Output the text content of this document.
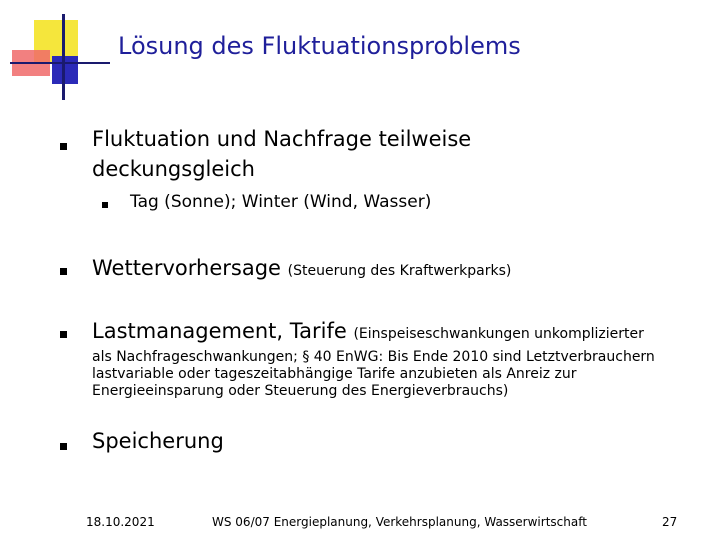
Lösung des Fluktuationsproblems
Fluktuation und Nachfrage teilweise deckungsgleich
Tag (Sonne); Winter (Wind, Wasser)
Wettervorhersage (Steuerung des Kraftwerkparks)
Lastmanagement, Tarife (Einspeiseschwankungen unkomplizierter
als Nachfrageschwankungen; § 40 EnWG: Bis Ende 2010 sind Letztverbrauchern lastvariable oder tageszeitabhängige Tarife anzubieten als Anreiz zur Energieeinsparung oder Steuerung des Energieverbrauchs)
Speicherung
18.10.2021	WS 06/07 Energieplanung, Verkehrsplanung, Wasserwirtschaft	27
